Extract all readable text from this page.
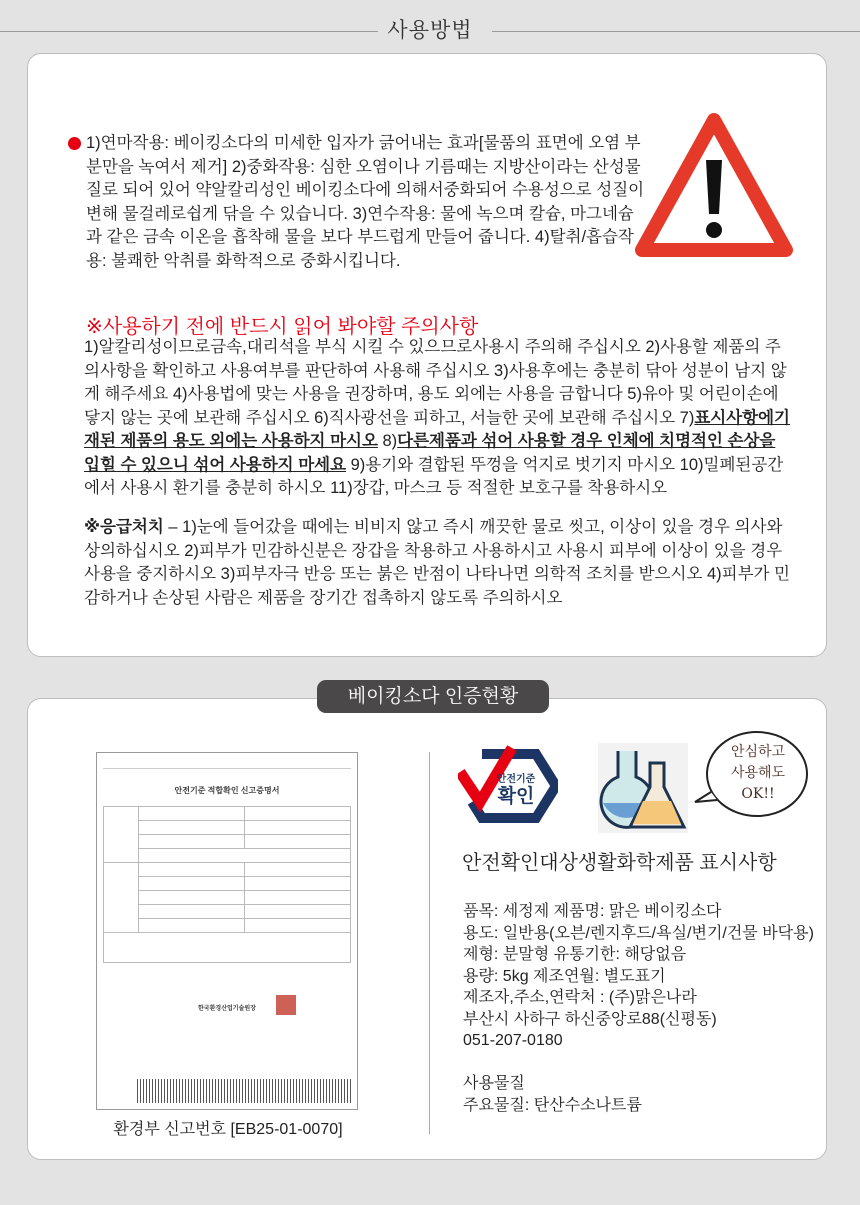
사용방법
1)연마작용: 베이킹소다의 미세한 입자가 긁어내는 효과[물품의 표면에 오염 부분만을 녹여서 제거] 2)중화작용: 심한 오염이나 기름때는 지방산이라는 산성물질로 되어 있어 약알칼리성인 베이킹소다에 의해서중화되어 수용성으로 성질이 변해 물걸레로쉽게 닦을 수 있습니다. 3)연수작용: 물에 녹으며 칼슘, 마그네슘과 같은 금속 이온을 흡착해 물을 보다 부드럽게 만들어 줍니다. 4)탈취/흡습작용: 불쾌한 악취를 화학적으로 중화시킵니다.
※사용하기 전에 반드시 읽어 봐야할 주의사항
1)알칼리성이므로금속,대리석을 부식 시킬 수 있으므로사용시 주의해 주십시오 2)사용할 제품의 주의사항을 확인하고 사용여부를 판단하여 사용해 주십시오 3)사용후에는 충분히 닦아 성분이 남지 않게 해주세요 4)사용법에 맞는 사용을 권장하며, 용도 외에는 사용을 금합니다 5)유아 및 어린이손에 닿지 않는 곳에 보관해 주십시오 6)직사광선을 피하고, 서늘한 곳에 보관해 주십시오 7)표시사항에기재된 제품의 용도 외에는 사용하지 마시오 8)다른제품과 섞어 사용할 경우 인체에 치명적인 손상을 입힐 수 있으니 섞어 사용하지 마세요 9)용기와 결합된 뚜껑을 억지로 벗기지 마시오 10)밀폐된공간에서 사용시 환기를 충분히 하시오 11)장갑, 마스크 등 적절한 보호구를 착용하시오
※응급처치 – 1)눈에 들어갔을 때에는 비비지 않고 즉시 깨끗한 물로 씻고, 이상이 있을 경우 의사와 상의하십시오 2)피부가 민감하신분은 장갑을 착용하고 사용하시고 사용시 피부에 이상이 있을 경우 사용을 중지하시오 3)피부자극 반응 또는 붉은 반점이 나타나면 의학적 조치를 받으시오 4)피부가 민감하거나 손상된 사람은 제품을 장기간 접촉하지 않도록 주의하시오
베이킹소다 인증현황
안전기준 적합확인 신고증명서

한국환경산업기술원장
환경부 신고번호 [EB25-01-0070]
안전기준
확인
안심하고
사용해도
OK!!
안전확인대상생활화학제품 표시사항
품목: 세정제 제품명: 맑은 베이킹소다
용도: 일반용(오븐/렌지후드/욕실/변기/건물 바닥용)
제형: 분말형 유통기한: 해당없음
용량: 5kg 제조연월: 별도표기
제조자,주소,연락처 : (주)맑은나라
부산시 사하구 하신중앙로88(신평동)
051-207-0180
사용물질
주요물질: 탄산수소나트륨
